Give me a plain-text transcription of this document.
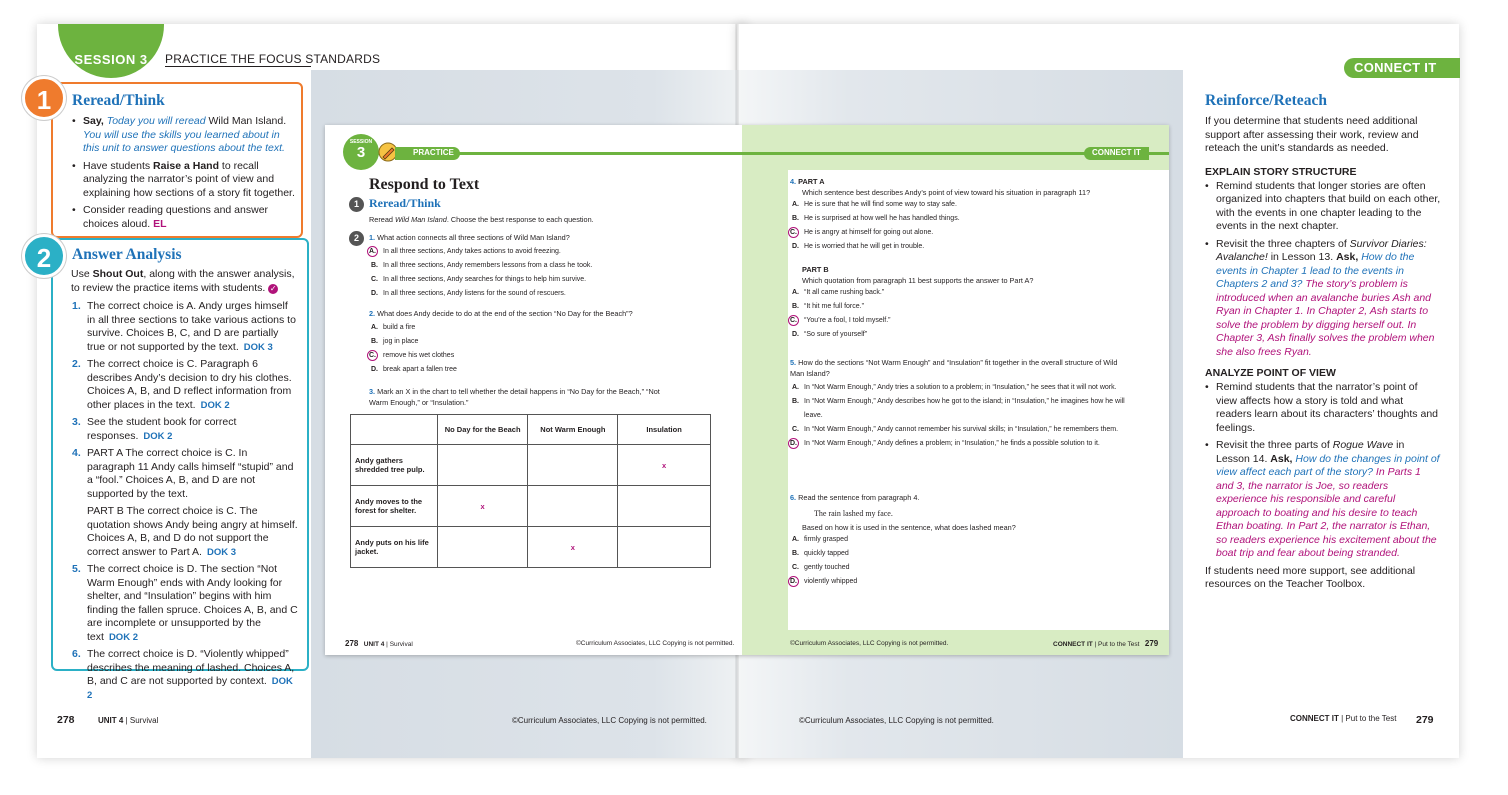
SESSION 3	PRACTICE THE FOCUS STANDARDS
1	Reread/Think
• Say, Today you will reread Wild Man Island. You will use the skills you learned about in this unit to answer questions about the text.
• Have students Raise a Hand to recall analyzing the narrator’s point of view and explaining how sections of a story fit together.
• Consider reading questions and answer choices aloud. EL
2	Answer Analysis
Use Shout Out, along with the answer analysis, to review the practice items with students. ✓
1. The correct choice is A. Andy urges himself in all three sections to take various actions to survive. Choices B, C, and D are partially true or not supported by the text. DOK 3
2. The correct choice is C. Paragraph 6 describes Andy’s decision to dry his clothes. Choices A, B, and D reflect information from other places in the text. DOK 2
3. See the student book for correct responses. DOK 2
4. PART A The correct choice is C. In paragraph 11 Andy calls himself “stupid” and a “fool.” Choices A, B, and D are not supported by the text.
PART B The correct choice is C. The quotation shows Andy being angry at himself. Choices A, B, and D do not support the correct answer to Part A. DOK 3
5. The correct choice is D. The section “Not Warm Enough” ends with Andy looking for shelter, and “Insulation” begins with him finding the fallen spruce. Choices A, B, and C are incomplete or unsupported by the text DOK 2
6. The correct choice is D. “Violently whipped” describes the meaning of lashed. Choices A, B, and C are not supported by context. DOK 2
278	UNIT 4 | Survival	©Curriculum Associates, LLC Copying is not permitted.
SESSION
3	PRACTICE	CONNECT IT
Respond to Text
1 Reread/Think
Reread Wild Man Island. Choose the best response to each question.
2	1. What action connects all three sections of Wild Man Island?
A. In all three sections, Andy takes actions to avoid freezing.
B. In all three sections, Andy remembers lessons from a class he took.
C. In all three sections, Andy searches for things to help him survive.
D. In all three sections, Andy listens for the sound of rescuers.
2. What does Andy decide to do at the end of the section “No Day for the Beach”?
A. build a fire
B. jog in place
C. remove his wet clothes
D. break apart a fallen tree
3. Mark an X in the chart to tell whether the detail happens in “No Day for the Beach,” “Not Warm Enough,” or “Insulation.”
	No Day for the Beach	Not Warm Enough	Insulation
Andy gathers shredded tree pulp.			x
Andy moves to the forest for shelter.	x		
Andy puts on his life jacket.		x	
4. PART A
Which sentence best describes Andy’s point of view toward his situation in paragraph 11?
A. He is sure that he will find some way to stay safe.
B. He is surprised at how well he has handled things.
C. He is angry at himself for going out alone.
D. He is worried that he will get in trouble.
PART B
Which quotation from paragraph 11 best supports the answer to Part A?
A. “It all came rushing back.”
B. “It hit me full force.”
C. “You’re a fool, I told myself.”
D. “So sure of yourself”
5. How do the sections “Not Warm Enough” and “Insulation” fit together in the overall structure of Wild Man Island?
A. In “Not Warm Enough,” Andy tries a solution to a problem; in “Insulation,” he sees that it will not work.
B. In “Not Warm Enough,” Andy describes how he got to the island; in “Insulation,” he imagines how he will leave.
C. In “Not Warm Enough,” Andy cannot remember his survival skills; in “Insulation,” he remembers them.
D. In “Not Warm Enough,” Andy defines a problem; in “Insulation,” he finds a possible solution to it.
6. Read the sentence from paragraph 4.
The rain lashed my face.
Based on how it is used in the sentence, what does lashed mean?
A. firmly grasped
B. quickly tapped
C. gently touched
D. violently whipped
278 UNIT 4 | Survival	©Curriculum Associates, LLC Copying is not permitted.	©Curriculum Associates, LLC Copying is not permitted.	CONNECT IT | Put to the Test 279
CONNECT IT
Reinforce/Reteach
If you determine that students need additional support after assessing their work, review and reteach the unit’s standards as needed.
EXPLAIN STORY STRUCTURE
• Remind students that longer stories are often organized into chapters that build on each other, with the events in one chapter leading to the events in the next chapter.
• Revisit the three chapters of Survivor Diaries: Avalanche! in Lesson 13. Ask, How do the events in Chapter 1 lead to the events in Chapters 2 and 3? The story’s problem is introduced when an avalanche buries Ash and Ryan in Chapter 1. In Chapter 2, Ash starts to solve the problem by digging herself out. In Chapter 3, Ash finally solves the problem when she also frees Ryan.
ANALYZE POINT OF VIEW
• Remind students that the narrator’s point of view affects how a story is told and what readers learn about its characters’ thoughts and feelings.
• Revisit the three parts of Rogue Wave in Lesson 14. Ask, How do the changes in point of view affect each part of the story? In Parts 1 and 3, the narrator is Joe, so readers experience his responsible and careful approach to boating and his desire to teach Ethan boating. In Part 2, the narrator is Ethan, so readers experience his excitement about the boat trip and fear about being stranded.
If students need more support, see additional resources on the Teacher Toolbox.
©Curriculum Associates, LLC Copying is not permitted.	CONNECT IT | Put to the Test 279
